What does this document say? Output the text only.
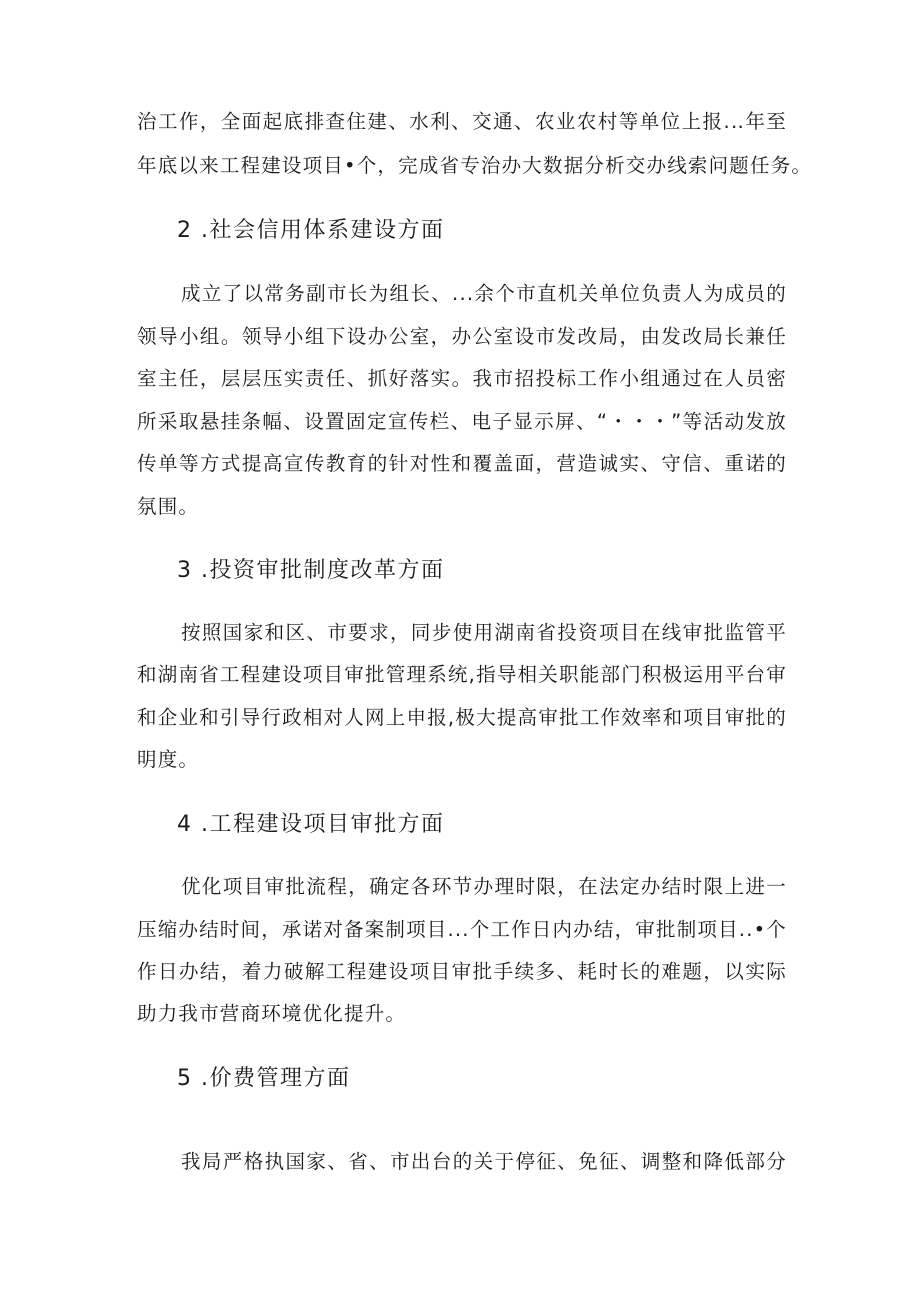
治工作，全面起底排查住建、水利、交通、农业农村等单位上报.‥年至
年底以来工程建设项目•个，完成省专治办大数据分析交办线索问题任务。
2 .社会信用体系建设方面
成立了以常务副市长为组长、...余个市直机关单位负责人为成员的
领导小组。领导小组下设办公室，办公室设市发改局，由发改局长兼任
室主任，层层压实责任、抓好落实。我市招投标工作小组通过在人员密
所采取悬挂条幅、设置固定宣传栏、电子显示屏、“・・・”等活动发放
传单等方式提高宣传教育的针对性和覆盖面，营造诚实、守信、重诺的
氛围。
3 .投资审批制度改革方面
按照国家和区、市要求，同步使用湖南省投资项目在线审批监管平
和湖南省工程建设项目审批管理系统,指导相关职能部门积极运用平台审
和企业和引导行政相对人网上申报,极大提高审批工作效率和项目审批的
明度。
4 .工程建设项目审批方面
优化项目审批流程，确定各环节办理时限，在法定办结时限上进一
压缩办结时间，承诺对备案制项目...个工作日内办结，审批制项目..•个
作日办结，着力破解工程建设项目审批手续多、耗时长的难题，以实际
助力我市营商环境优化提升。
5 .价费管理方面
我局严格执国家、省、市出台的关于停征、免征、调整和降低部分
